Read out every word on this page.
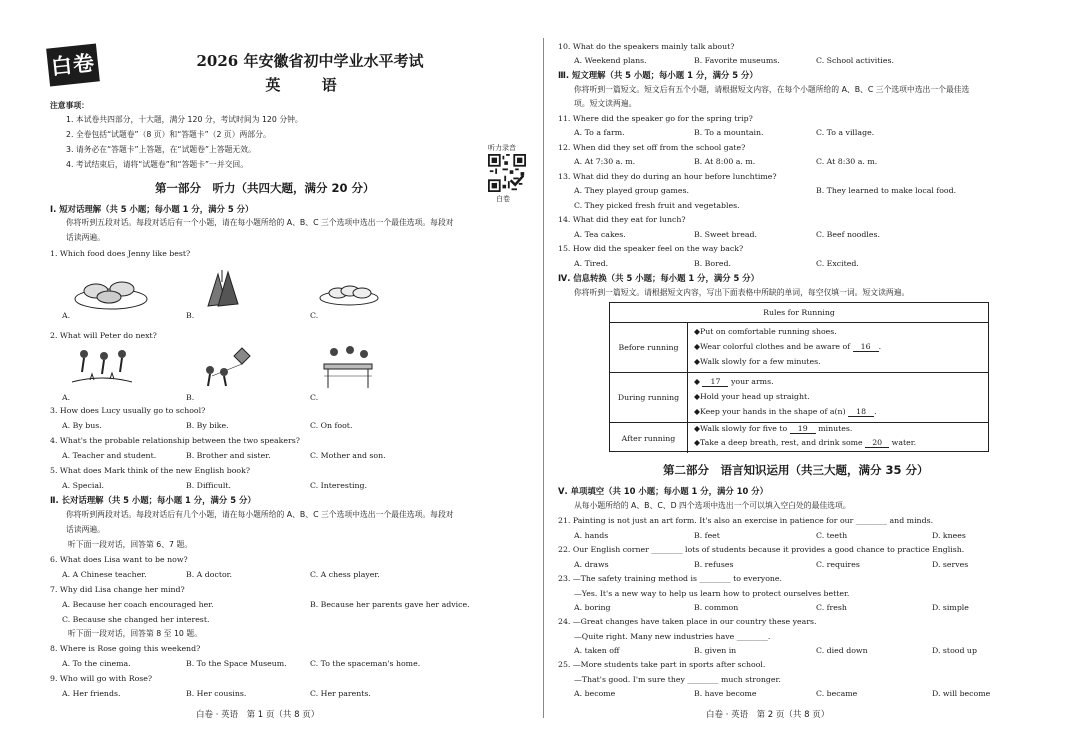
白卷	2026 年安徽省初中学业水平考试
英 语
注意事项：
1. 本试卷共四部分，十大题，满分 120 分，考试时间为 120 分钟。
2. 全卷包括“试题卷”（8 页）和“答题卡”（2 页）两部分。
3. 请务必在“答题卡”上答题，在“试题卷”上答题无效。
4. 考试结束后，请将“试题卷”和“答题卡”一并交回。
听力录音
白卷
第一部分　听力（共四大题，满分 20 分）
Ⅰ. 短对话理解（共 5 小题；每小题 1 分，满分 5 分）
你将听到五段对话。每段对话后有一个小题，请在每小题所给的 A、B、C 三个选项中选出一个最佳选项。每段对
话读两遍。
1. Which food does Jenny like best?
A.	B.	C.
2. What will Peter do next?
A.	B.	C.
3. How does Lucy usually go to school?
A. By bus.	B. By bike.	C. On foot.
4. What's the probable relationship between the two speakers?
A. Teacher and student.	B. Brother and sister.	C. Mother and son.
5. What does Mark think of the new English book?
A. Special.	B. Difficult.	C. Interesting.
Ⅱ. 长对话理解（共 5 小题；每小题 1 分，满分 5 分）
你将听到两段对话。每段对话后有几个小题，请在每小题所给的 A、B、C 三个选项中选出一个最佳选项。每段对
话读两遍。
听下面一段对话，回答第 6、7 题。
6. What does Lisa want to be now?
A. A Chinese teacher.	B. A doctor.	C. A chess player.
7. Why did Lisa change her mind?
A. Because her coach encouraged her.	B. Because her parents gave her advice.
C. Because she changed her interest.
听下面一段对话，回答第 8 至 10 题。
8. Where is Rose going this weekend?
A. To the cinema.	B. To the Space Museum.	C. To the spaceman's home.
9. Who will go with Rose?
A. Her friends.	B. Her cousins.	C. Her parents.
白卷 · 英语　第 1 页（共 8 页）
10. What do the speakers mainly talk about?
A. Weekend plans.	B. Favorite museums.	C. School activities.
Ⅲ. 短文理解（共 5 小题；每小题 1 分，满分 5 分）
你将听到一篇短文。短文后有五个小题，请根据短文内容，在每个小题所给的 A、B、C 三个选项中选出一个最佳选
项。短文读两遍。
11. Where did the speaker go for the spring trip?
A. To a farm.	B. To a mountain.	C. To a village.
12. When did they set off from the school gate?
A. At 7:30 a. m.	B. At 8:00 a. m.	C. At 8:30 a. m.
13. What did they do during an hour before lunchtime?
A. They played group games.	B. They learned to make local food.
C. They picked fresh fruit and vegetables.
14. What did they eat for lunch?
A. Tea cakes.	B. Sweet bread.	C. Beef noodles.
15. How did the speaker feel on the way back?
A. Tired.	B. Bored.	C. Excited.
Ⅳ. 信息转换（共 5 小题；每小题 1 分，满分 5 分）
你将听到一篇短文。请根据短文内容，写出下面表格中所缺的单词，每空仅填一词。短文读两遍。
Rules for Running
Before running
◆Put on comfortable running shoes.
◆Wear colorful clothes and be aware of 16 .
◆Walk slowly for a few minutes.
During running
◆ 17 your arms.
◆Hold your head up straight.
◆Keep your hands in the shape of a(n) 18 .
After running
◆Walk slowly for five to 19 minutes.
◆Take a deep breath, rest, and drink some 20 water.
第二部分　语言知识运用（共三大题，满分 35 分）
Ⅴ. 单项填空（共 10 小题；每小题 1 分，满分 10 分）
从每小题所给的 A、B、C、D 四个选项中选出一个可以填入空白处的最佳选项。
21. Painting is not just an art form. It's also an exercise in patience for our ________ and minds.
A. hands	B. feet	C. teeth	D. knees
22. Our English corner ________ lots of students because it provides a good chance to practice English.
A. draws	B. refuses	C. requires	D. serves
23. —The safety training method is ________ to everyone.
—Yes. It's a new way to help us learn how to protect ourselves better.
A. boring	B. common	C. fresh	D. simple
24. —Great changes have taken place in our country these years.
—Quite right. Many new industries have ________.
A. taken off	B. given in	C. died down	D. stood up
25. —More students take part in sports after school.
—That's good. I'm sure they ________ much stronger.
A. become	B. have become	C. became	D. will become
白卷 · 英语　第 2 页（共 8 页）
